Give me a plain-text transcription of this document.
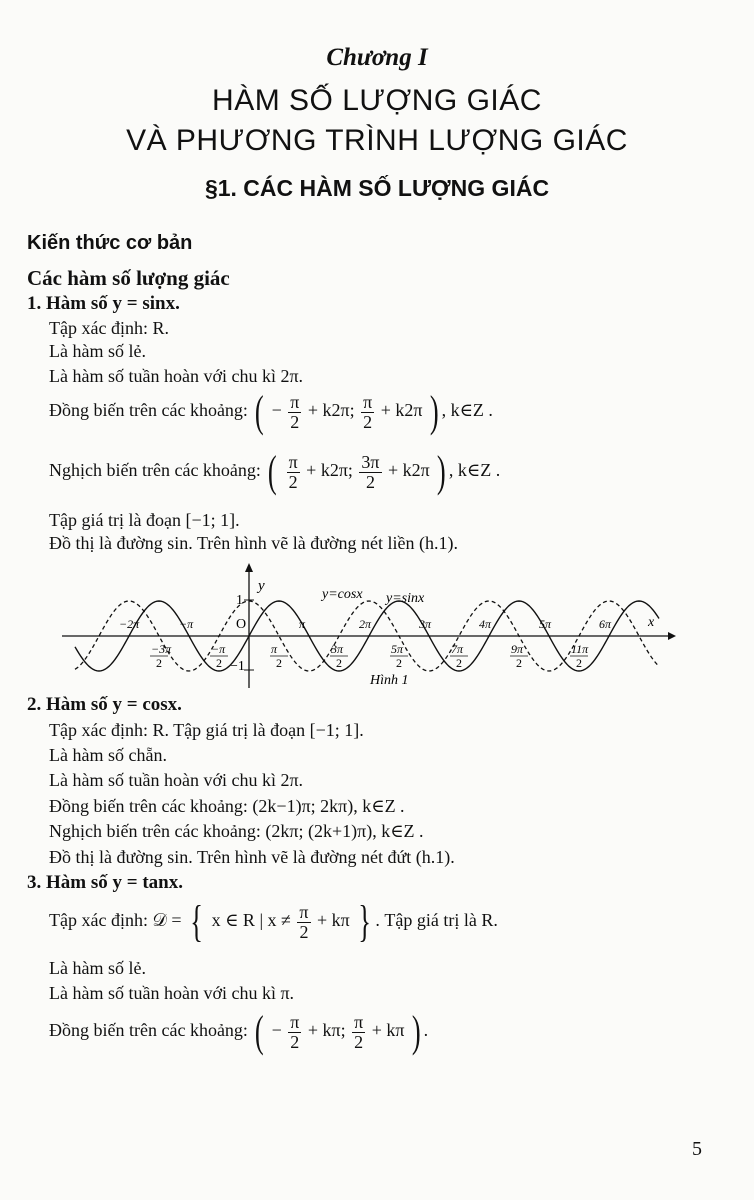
Chương I
HÀM SỐ LƯỢNG GIÁC
VÀ PHƯƠNG TRÌNH LƯỢNG GIÁC
§1. CÁC HÀM SỐ LƯỢNG GIÁC
Kiến thức cơ bản
Các hàm số lượng giác
1. Hàm số y = sinx.
Tập xác định: R.
Là hàm số lẻ.
Là hàm số tuần hoàn với chu kì 2π.
Đồng biến trên các khoảng: ( − $\frac{\pi}{2} + k2\pi$; $\frac{\pi}{2} + k2\pi$ ) , k∈Z .
Nghịch biến trên các khoảng: ( $\frac{\pi}{2} + k2\pi$; $\frac{3\pi}{2} + k2\pi$ ) , k∈Z .
Tập giá trị là đoạn [−1; 1].
Đồ thị là đường sin. Trên hình vẽ là đường nét liền (h.1).
y
x
O
1
−1
y=cosx y=sinx
Hình 1
−2π	−π	π	2π	3π	4π	5π	6π
−3π
2
−π
2
π
2
3π
2
5π
2
7π
2
9π
2
11π
2
2. Hàm số y = cosx.
Tập xác định: R. Tập giá trị là đoạn [−1; 1].
Là hàm số chẵn.
Là hàm số tuần hoàn với chu kì 2π.
Đồng biến trên các khoảng: (2k−1)π; 2kπ), k∈Z .
Nghịch biến trên các khoảng: (2kπ; (2k+1)π), k∈Z .
Đồ thị là đường sin. Trên hình vẽ là đường nét đứt (h.1).
3. Hàm số y = tanx.
Tập xác định: 𝒟 = { x ∈ R | $x \ne \frac{\pi}{2} + k\pi$ } . Tập giá trị là R.
Là hàm số lẻ.
Là hàm số tuần hoàn với chu kì π.
Đồng biến trên các khoảng: ( − $\frac{\pi}{2} + k\pi$; $\frac{\pi}{2} + k\pi$ ) .
5
